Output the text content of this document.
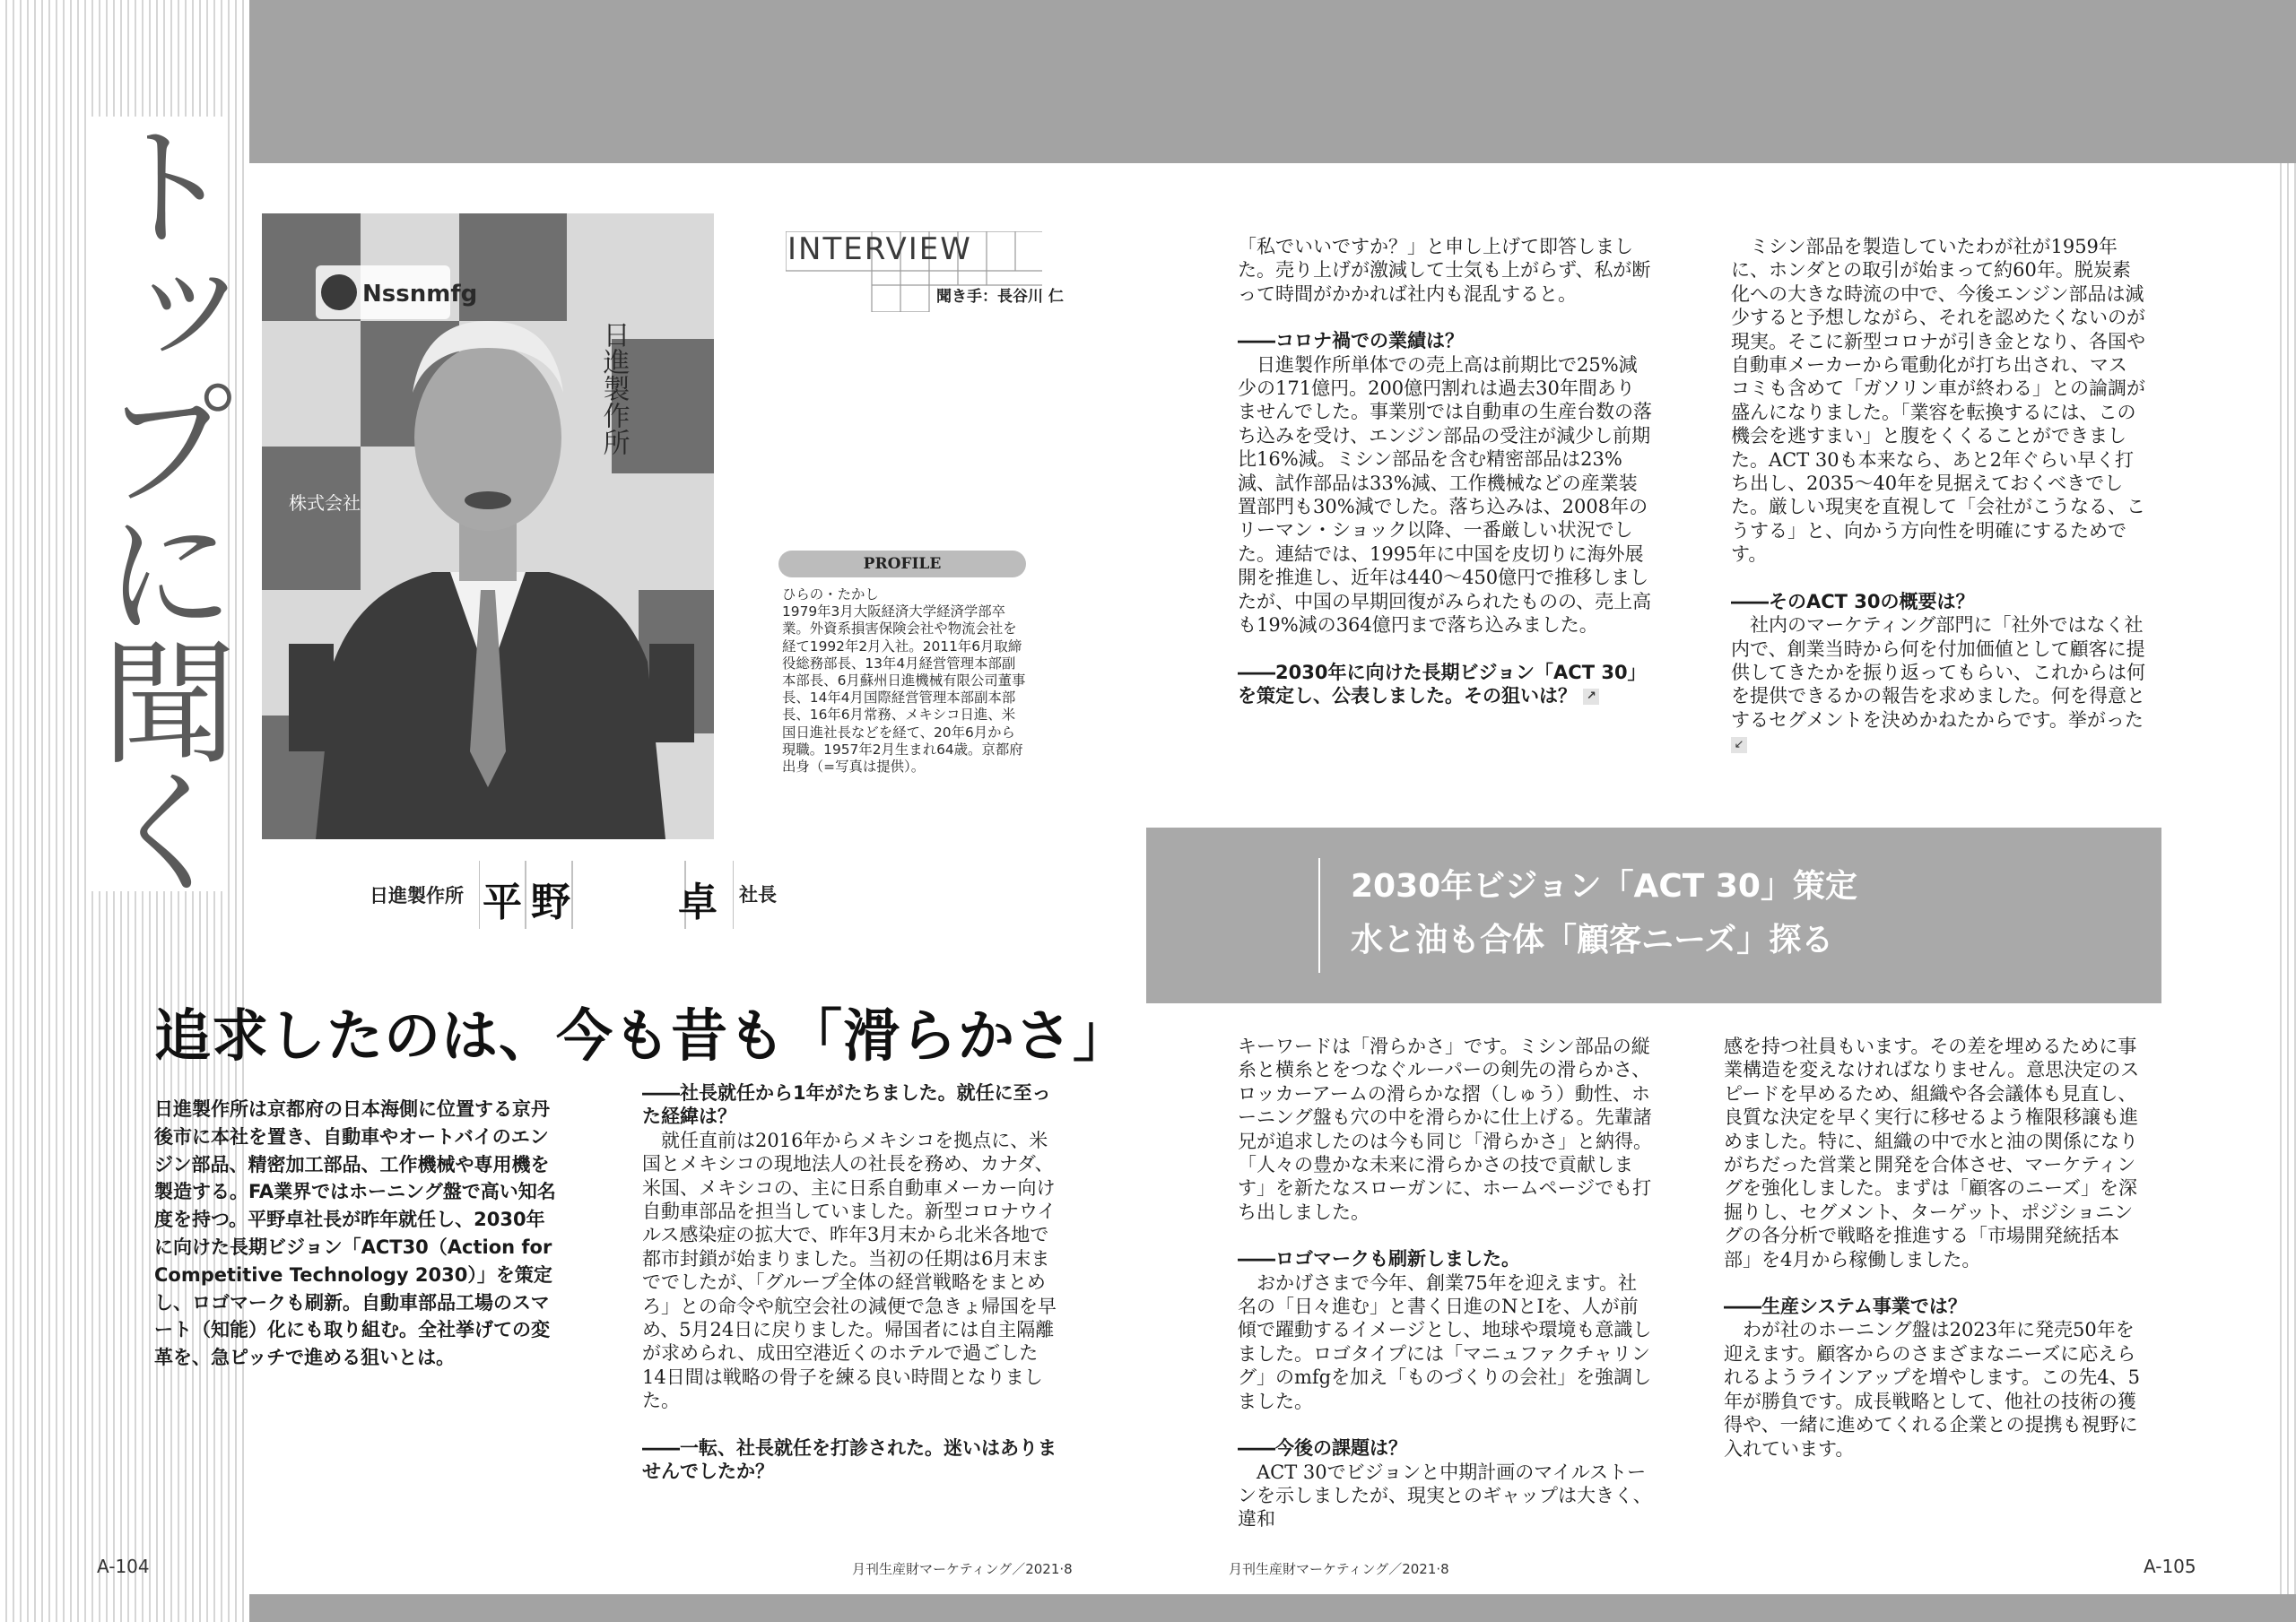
トップに聞く	Nssnmfg
日進製作所
株式会社
INTERVIEW
聞き手：長谷川 仁
PROFILE
ひらの・たかし
1979年3月大阪経済大学経済学部卒業。外資系損害保険会社や物流会社を経て1992年2月入社。2011年6月取締役総務部長、13年4月経営管理本部副本部長、6月蘇州日進機械有限公司董事長、14年4月国際経営管理本部副本部長、16年6月常務、メキシコ日進、米国日進社長などを経て、20年6月から現職。1957年2月生まれ64歳。京都府出身（=写真は提供）。
日進製作所 平 野	卓 社長
追求したのは、今も昔も「滑らかさ」
日進製作所は京都府の日本海側に位置する京丹後市に本社を置き、自動車やオートバイのエンジン部品、精密加工部品、工作機械や専用機を製造する。FA業界ではホーニング盤で高い知名度を持つ。平野卓社長が昨年就任し、2030年に向けた長期ビジョン「ACT30（Action for Competitive Technology 2030）」を策定し、ロゴマークも刷新。自動車部品工場のスマート（知能）化にも取り組む。全社挙げての変革を、急ピッチで進める狙いとは。

――社長就任から1年がたちました。就任に至った経緯は？

　就任直前は2016年からメキシコを拠点に、米国とメキシコの現地法人の社長を務め、カナダ、米国、メキシコの、主に日系自動車メーカー向け自動車部品を担当していました。新型コロナウイルス感染症の拡大で、昨年3月末から北米各地で都市封鎖が始まりました。当初の任期は6月末まででしたが、「グループ全体の経営戦略をまとめろ」との命令や航空会社の減便で急きょ帰国を早め、5月24日に戻りました。帰国者には自主隔離が求められ、成田空港近くのホテルで過ごした14日間は戦略の骨子を練る良い時間となりました。

――一転、社長就任を打診された。迷いはありませんでしたか？

「私でいいですか？」と申し上げて即答しました。売り上げが激減して士気も上がらず、私が断って時間がかかれば社内も混乱すると。

――コロナ禍での業績は？

　日進製作所単体での売上高は前期比で25%減少の171億円。200億円割れは過去30年間ありませんでした。事業別では自動車の生産台数の落ち込みを受け、エンジン部品の受注が減少し前期比16%減。ミシン部品を含む精密部品は23%減、試作部品は33%減、工作機械などの産業装置部門も30%減でした。落ち込みは、2008年のリーマン・ショック以降、一番厳しい状況でした。連結では、1995年に中国を皮切りに海外展開を推進し、近年は440～450億円で推移しましたが、中国の早期回復がみられたものの、売上高も19%減の364億円まで落ち込みました。

――2030年に向けた長期ビジョン「ACT 30」を策定し、公表しました。その狙いは？ ↗

　ミシン部品を製造していたわが社が1959年に、ホンダとの取引が始まって約60年。脱炭素化への大きな時流の中で、今後エンジン部品は減少すると予想しながら、それを認めたくないのが現実。そこに新型コロナが引き金となり、各国や自動車メーカーから電動化が打ち出され、マスコミも含めて「ガソリン車が終わる」との論調が盛んになりました。「業容を転換するには、この機会を逃すまい」と腹をくくることができました。ACT 30も本来なら、あと2年ぐらい早く打ち出し、2035～40年を見据えておくべきでした。厳しい現実を直視して「会社がこうなる、こうする」と、向かう方向性を明確にするためです。

――そのACT 30の概要は？

　社内のマーケティング部門に「社外ではなく社内で、創業当時から何を付加価値として顧客に提供してきたかを振り返ってもらい、これからは何を提供できるかの報告を求めました。何を得意とするセグメントを決めかねたからです。挙がった ↙

2030年ビジョン「ACT 30」策定
水と油も合体「顧客ニーズ」探る

キーワードは「滑らかさ」です。ミシン部品の縦糸と横糸とをつなぐルーパーの剣先の滑らかさ、ロッカーアームの滑らかな摺（しゅう）動性、ホーニング盤も穴の中を滑らかに仕上げる。先輩諸兄が追求したのは今も同じ「滑らかさ」と納得。「人々の豊かな未来に滑らかさの技で貢献します」を新たなスローガンに、ホームページでも打ち出しました。

――ロゴマークも刷新しました。

　おかげさまで今年、創業75年を迎えます。社名の「日々進む」と書く日進のNとIを、人が前傾で躍動するイメージとし、地球や環境も意識しました。ロゴタイプには「マニュファクチャリング」のmfgを加え「ものづくりの会社」を強調しました。

――今後の課題は？

　ACT 30でビジョンと中期計画のマイルストーンを示しましたが、現実とのギャップは大きく、違和

感を持つ社員もいます。その差を埋めるために事業構造を変えなければなりません。意思決定のスピードを早めるため、組織や各会議体も見直し、良質な決定を早く実行に移せるよう権限移譲も進めました。特に、組織の中で水と油の関係になりがちだった営業と開発を合体させ、マーケティングを強化しました。まずは「顧客のニーズ」を深掘りし、セグメント、ターゲット、ポジショニングの各分析で戦略を推進する「市場開発統括本部」を4月から稼働しました。

――生産システム事業では？

　わが社のホーニング盤は2023年に発売50年を迎えます。顧客からのさまざまなニーズに応えられるようラインアップを増やします。この先4、5年が勝負です。成長戦略として、他社の技術の獲得や、一緒に進めてくれる企業との提携も視野に入れています。

A-104	月刊生産財マーケティング／2021·8	月刊生産財マーケティング／2021·8	A-105
